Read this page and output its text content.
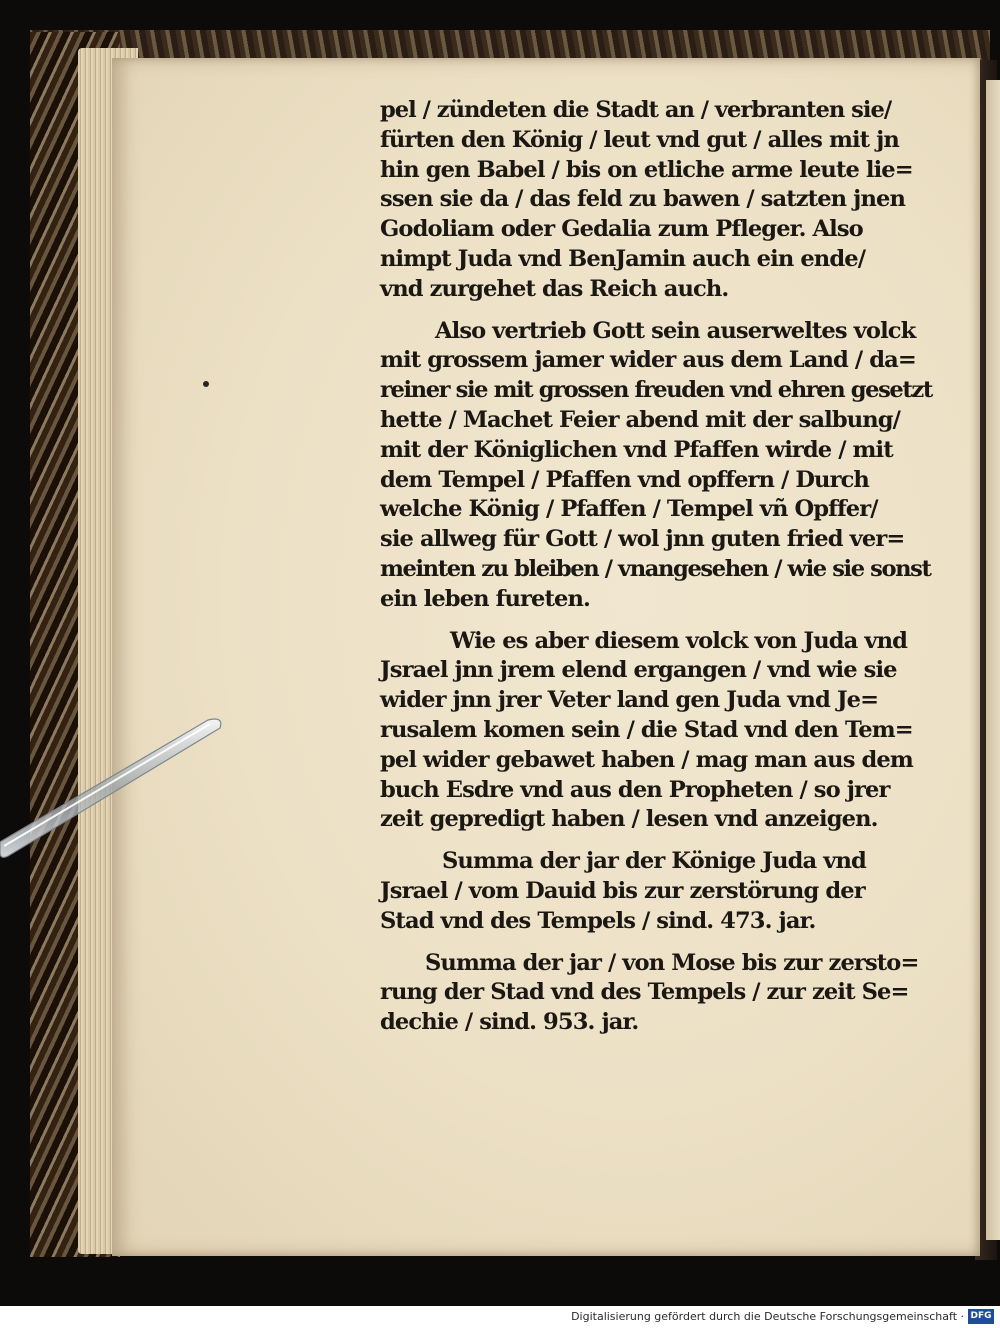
pel / zündeten die Stadt an / verbranten sie/
fürten den König / leut vnd gut / alles mit jn
hin gen Babel / bis on etliche arme leute lie=
ssen sie da / das feld zu bawen / satzten jnen
Godoliam oder Gedalia zum Pfleger. Also
nimpt Juda vnd BenJamin auch ein ende/
vnd zurgehet das Reich auch.
Also vertrieb Gott sein auserweltes volck
mit grossem jamer wider aus dem Land / da=
reiner sie mit grossen freuden vnd ehren gesetzt
hette / Machet Feier abend mit der salbung/
mit der Königlichen vnd Pfaffen wirde / mit
dem Tempel / Pfaffen vnd opffern / Durch
welche König / Pfaffen / Tempel vñ Opffer/
sie allweg für Gott / wol jnn guten fried ver=
meinten zu bleiben / vnangesehen / wie sie sonst
ein leben fureten.
Wie es aber diesem volck von Juda vnd
Jsrael jnn jrem elend ergangen / vnd wie sie
wider jnn jrer Veter land gen Juda vnd Je=
rusalem komen sein / die Stad vnd den Tem=
pel wider gebawet haben / mag man aus dem
buch Esdre vnd aus den Propheten / so jrer
zeit gepredigt haben / lesen vnd anzeigen.
Summa der jar der Könige Juda vnd
Jsrael / vom Dauid bis zur zerstörung der
Stad vnd des Tempels / sind. 473. jar.
Summa der jar / von Mose bis zur zersto=
rung der Stad vnd des Tempels / zur zeit Se=
dechie / sind. 953. jar.
Digitalisierung gefördert durch die Deutsche Forschungsgemeinschaft · DFG
